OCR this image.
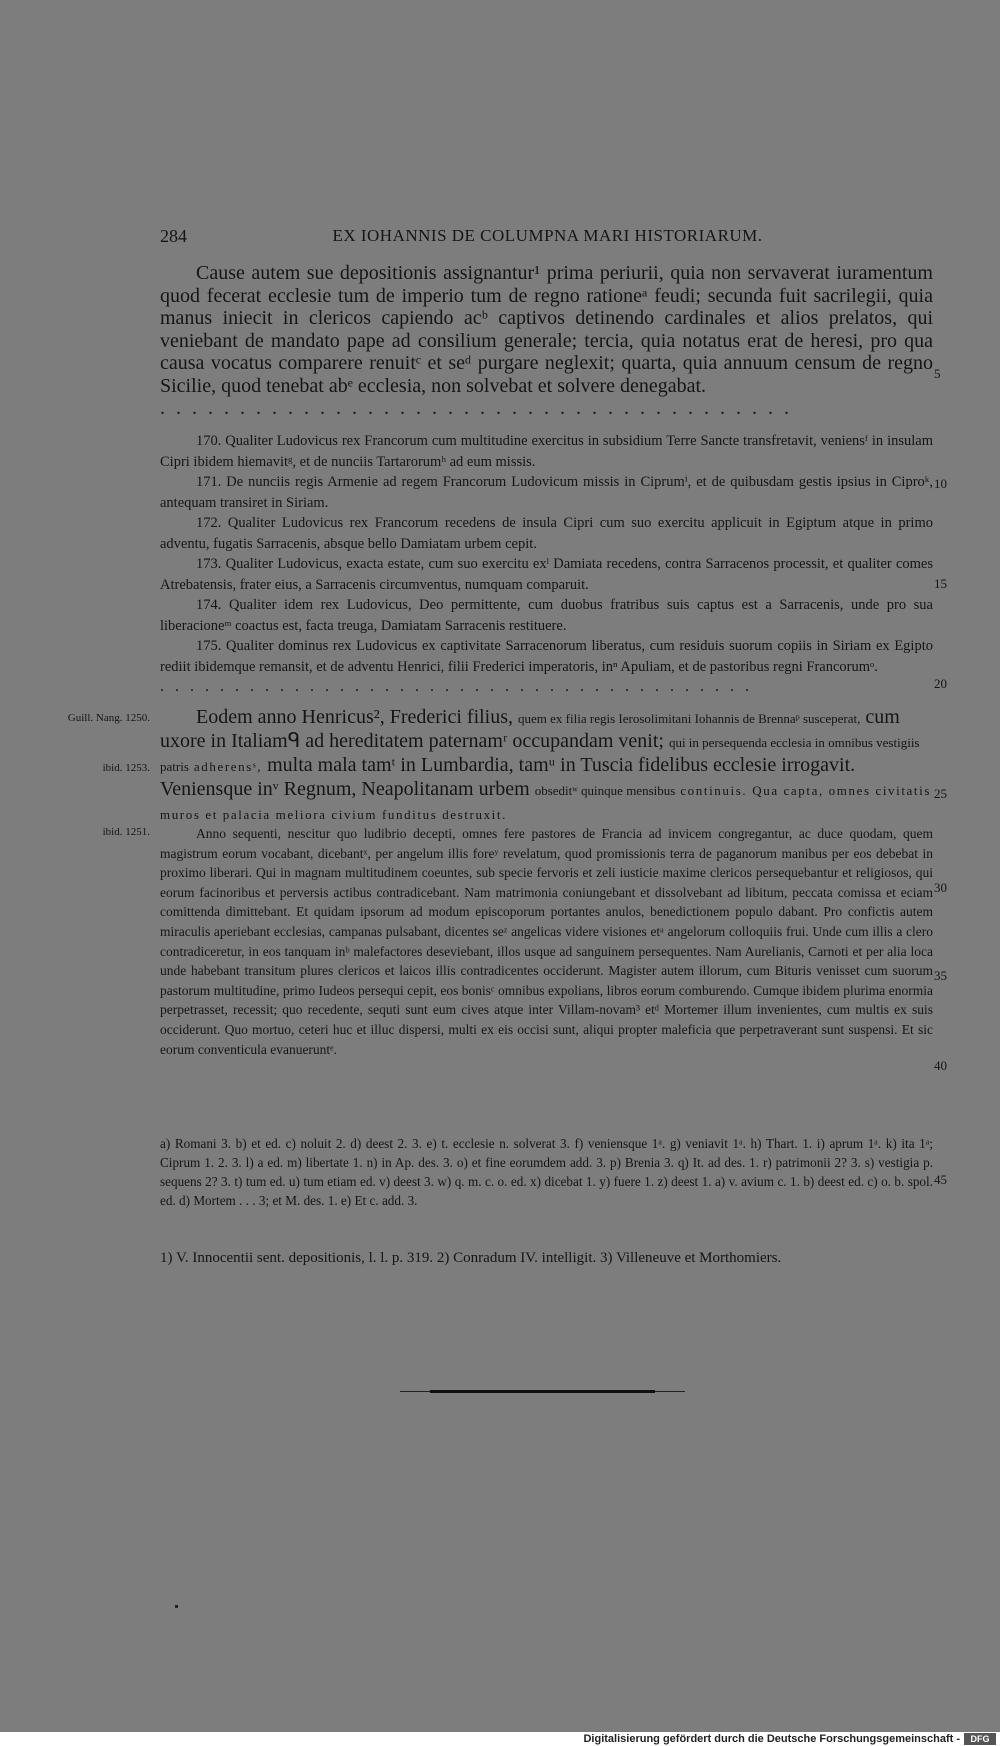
284	EX IOHANNIS DE COLUMPNA MARI HISTORIARUM.

Cause autem sue depositionis assignantur¹ prima periurii, quia non servaverat iuramentum quod fecerat ecclesie tum de imperio tum de regno rationeᵃ feudi; secunda fuit sacrilegii, quia manus iniecit in clericos capiendo acᵇ captivos detinendo cardinales et alios prelatos, qui veniebant de mandato pape ad consilium generale; tercia, quia notatus erat de heresi, pro qua causa vocatus comparere renuitᶜ et seᵈ purgare neglexit; quarta, quia annuum censum de regno Sicilie, quod tenebat abᵉ ecclesia, non solvebat et solvere denegabat.

........................................

170. Qualiter Ludovicus rex Francorum cum multitudine exercitus in subsidium Terre Sancte transfretavit, veniensᶠ in insulam Cipri ibidem hiemavitᵍ, et de nunciis Tartarorumʰ ad eum missis.

171. De nunciis regis Armenie ad regem Francorum Ludovicum missis in Ciprumⁱ, et de quibusdam gestis ipsius in Ciproᵏ, antequam transiret in Siriam.

172. Qualiter Ludovicus rex Francorum recedens de insula Cipri cum suo exercitu applicuit in Egiptum atque in primo adventu, fugatis Sarracenis, absque bello Damiatam urbem cepit.

173. Qualiter Ludovicus, exacta estate, cum suo exercitu exˡ Damiata recedens, contra Sarracenos processit, et qualiter comes Atrebatensis, frater eius, a Sarracenis circumventus, numquam comparuit.

174. Qualiter idem rex Ludovicus, Deo permittente, cum duobus fratribus suis captus est a Sarracenis, unde pro sua liberacioneᵐ coactus est, facta treuga, Damiatam Sarracenis restituere.

175. Qualiter dominus rex Ludovicus ex captivitate Sarracenorum liberatus, cum residuis suorum copiis in Siriam ex Egipto rediit ibidemque remansit, et de adventu Henrici, filii Frederici imperatoris, inⁿ Apuliam, et de pastoribus regni Francorumᵒ.

........................................

Eodem anno Henricus², Frederici filius, quem ex filia regis Ierosolimitani Iohannis de Brennaᵖ susceperat, cum uxore in Italiamᑫ ad hereditatem paternamʳ occupandam venit; qui in persequenda ecclesia in omnibus vestigiis patris adherensˢ, multa mala tamᵗ in Lumbardia, tamᵘ in Tuscia fidelibus ecclesie irrogavit. Veniensque inᵛ Regnum, Neapolitanam urbem obseditʷ quinque mensibus continuis. Qua capta, omnes civitatis muros et palacia meliora civium funditus destruxit.

Anno sequenti, nescitur quo ludibrio decepti, omnes fere pastores de Francia ad invicem congregantur, ac duce quodam, quem magistrum eorum vocabant, dicebantˣ, per angelum illis foreʸ revelatum, quod promissionis terra de paganorum manibus per eos debebat in proximo liberari. Qui in magnam multitudinem coeuntes, sub specie fervoris et zeli iusticie maxime clericos persequebantur et religiosos, qui eorum facinoribus et perversis actibus contradicebant. Nam matrimonia coniungebant et dissolvebant ad libitum, peccata comissa et eciam comittenda dimittebant. Et quidam ipsorum ad modum episcoporum portantes anulos, benedictionem populo dabant. Pro confictis autem miraculis aperiebant ecclesias, campanas pulsabant, dicentes seᶻ angelicas videre visiones etᵃ angelorum colloquiis frui. Unde cum illis a clero contradiceretur, in eos tanquam inᵇ malefactores deseviebant, illos usque ad sanguinem persequentes. Nam Aurelianis, Carnoti et per alia loca unde habebant transitum plures clericos et laicos illis contradicentes occiderunt. Magister autem illorum, cum Bituris venisset cum suorum pastorum multitudine, primo Iudeos persequi cepit, eos bonisᶜ omnibus expolians, libros eorum comburendo. Cumque ibidem plurima enormia perpetrasset, recessit; quo recedente, sequti sunt eum cives atque inter Villam-novam³ etᵈ Mortemer illum invenientes, cum multis ex suis occiderunt. Quo mortuo, ceteri huc et illuc dispersi, multi ex eis occisi sunt, aliqui propter maleficia que perpetraverant sunt suspensi. Et sic eorum conventicula evanueruntᵉ.

Guill. Nang. 1250.
ibid. 1253.
ibid. 1251.
5
10
15
20
25
30
35
40
45
a) Romani 3. b) et ed. c) noluit 2. d) deest 2. 3. e) t. ecclesie n. solverat 3. f) veniensque 1ᵃ. g) veniavit 1ᵃ. h) Thart. 1. i) aprum 1ᵃ. k) ita 1ᵃ; Ciprum 1. 2. 3. l) a ed. m) libertate 1. n) in Ap. des. 3. o) et fine eorumdem add. 3. p) Brenia 3. q) It. ad des. 1. r) patrimonii 2? 3. s) vestigia p. sequens 2? 3. t) tum ed. u) tum etiam ed. v) deest 3. w) q. m. c. o. ed. x) dicebat 1. y) fuere 1. z) deest 1. a) v. avium c. 1. b) deest ed. c) o. b. spol. ed. d) Mortem . . . 3; et M. des. 1. e) Et c. add. 3.
1) V. Innocentii sent. depositionis, l. l. p. 319. 2) Conradum IV. intelligit. 3) Villeneuve et Morthomiers.
Digitalisierung gefördert durch die Deutsche Forschungsgemeinschaft -	DFG
